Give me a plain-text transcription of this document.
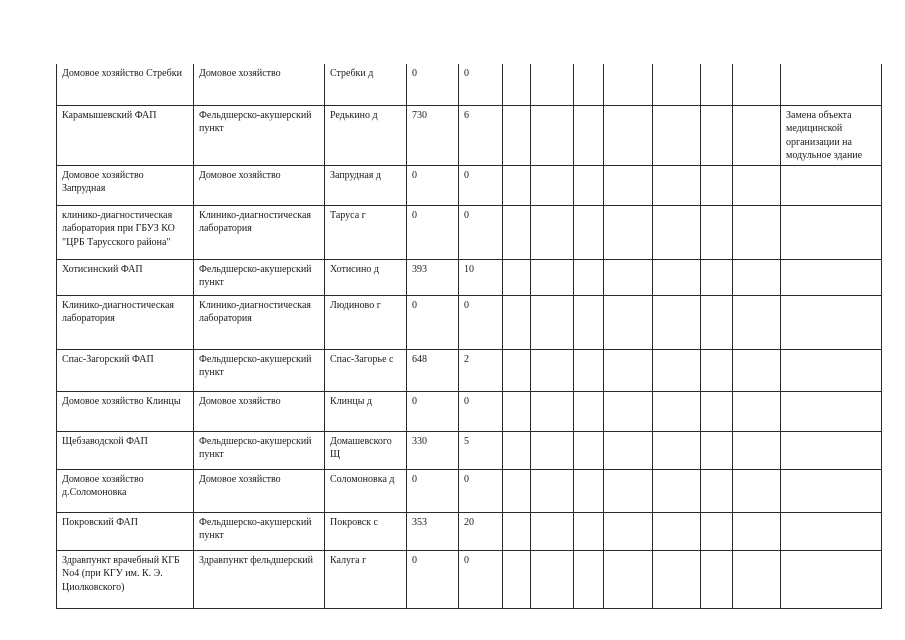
Домовое хозяйство Стребки	Домовое хозяйство	Стребки д	0	0								

Карамышевский ФАП	Фельдшерско-акушерский пункт	Редькино д	730	6								Замена объекта медицинской организации на модульное здание

Домовое хозяйство Запрудная	Домовое хозяйство	Запрудная д	0	0								

клинико-диагностическая лаборатория при ГБУЗ КО "ЦРБ Тарусского района"	Клинико-диагностическая лаборатория	Таруса г	0	0								

Хотисинский ФАП	Фельдшерско-акушерский пункт	Хотисино д	393	10								

Клинико-диагностическая лаборатория	Клинико-диагностическая лаборатория	Людиново г	0	0								

Спас-Загорский ФАП	Фельдшерско-акушерский пункт	Спас-Загорье с	648	2								

Домовое хозяйство Клинцы	Домовое хозяйство	Клинцы д	0	0								

Щебзаводской ФАП	Фельдшерско-акушерский пункт	Домашевского Щ	330	5								

Домовое хозяйство д.Соломоновка	Домовое хозяйство	Соломоновка д	0	0								

Покровский ФАП	Фельдшерско-акушерский пункт	Покровск с	353	20								

Здравпункт врачебный КГБ No4 (при КГУ им. К. Э. Циолковского)	Здравпункт фельдшерский	Калуга г	0	0								
